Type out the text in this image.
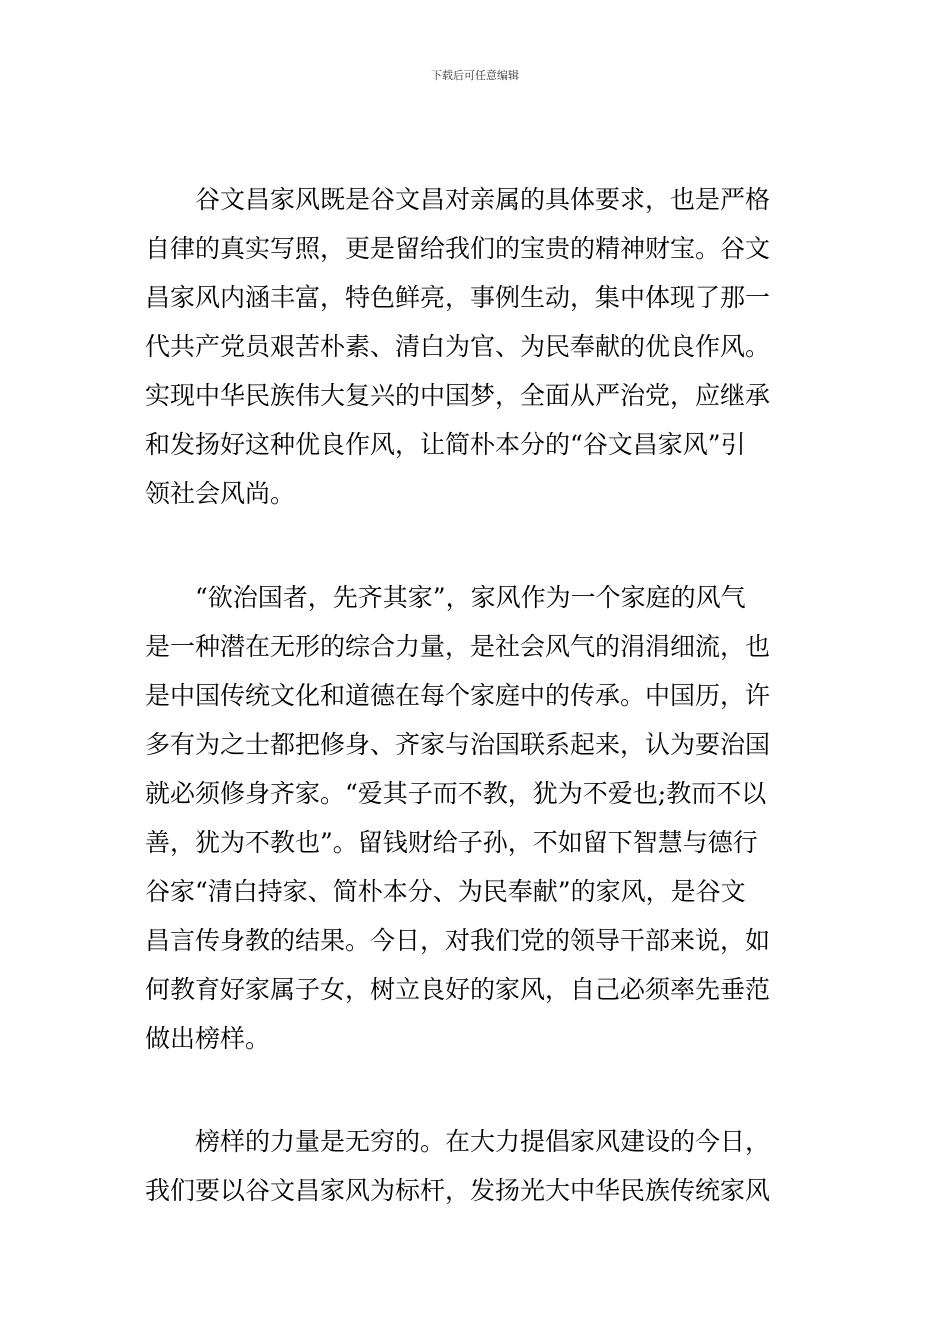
下载后可任意编辑
　　谷文昌家风既是谷文昌对亲属的具体要求，也是严格
自律的真实写照，更是留给我们的宝贵的精神财宝。谷文
昌家风内涵丰富，特色鲜亮，事例生动，集中体现了那一
代共产党员艰苦朴素、清白为官、为民奉献的优良作风。
实现中华民族伟大复兴的中国梦，全面从严治党，应继承
和发扬好这种优良作风，让简朴本分的“谷文昌家风”引
领社会风尚。
　　“欲治国者，先齐其家”，家风作为一个家庭的风气
是一种潜在无形的综合力量，是社会风气的涓涓细流，也
是中国传统文化和道德在每个家庭中的传承。中国历，许
多有为之士都把修身、齐家与治国联系起来，认为要治国
就必须修身齐家。“爱其子而不教，犹为不爱也;教而不以
善，犹为不教也”。留钱财给子孙，不如留下智慧与德行
谷家“清白持家、简朴本分、为民奉献”的家风，是谷文
昌言传身教的结果。今日，对我们党的领导干部来说，如
何教育好家属子女，树立良好的家风，自己必须率先垂范
做出榜样。
　　榜样的力量是无穷的。在大力提倡家风建设的今日，
我们要以谷文昌家风为标杆，发扬光大中华民族传统家风
